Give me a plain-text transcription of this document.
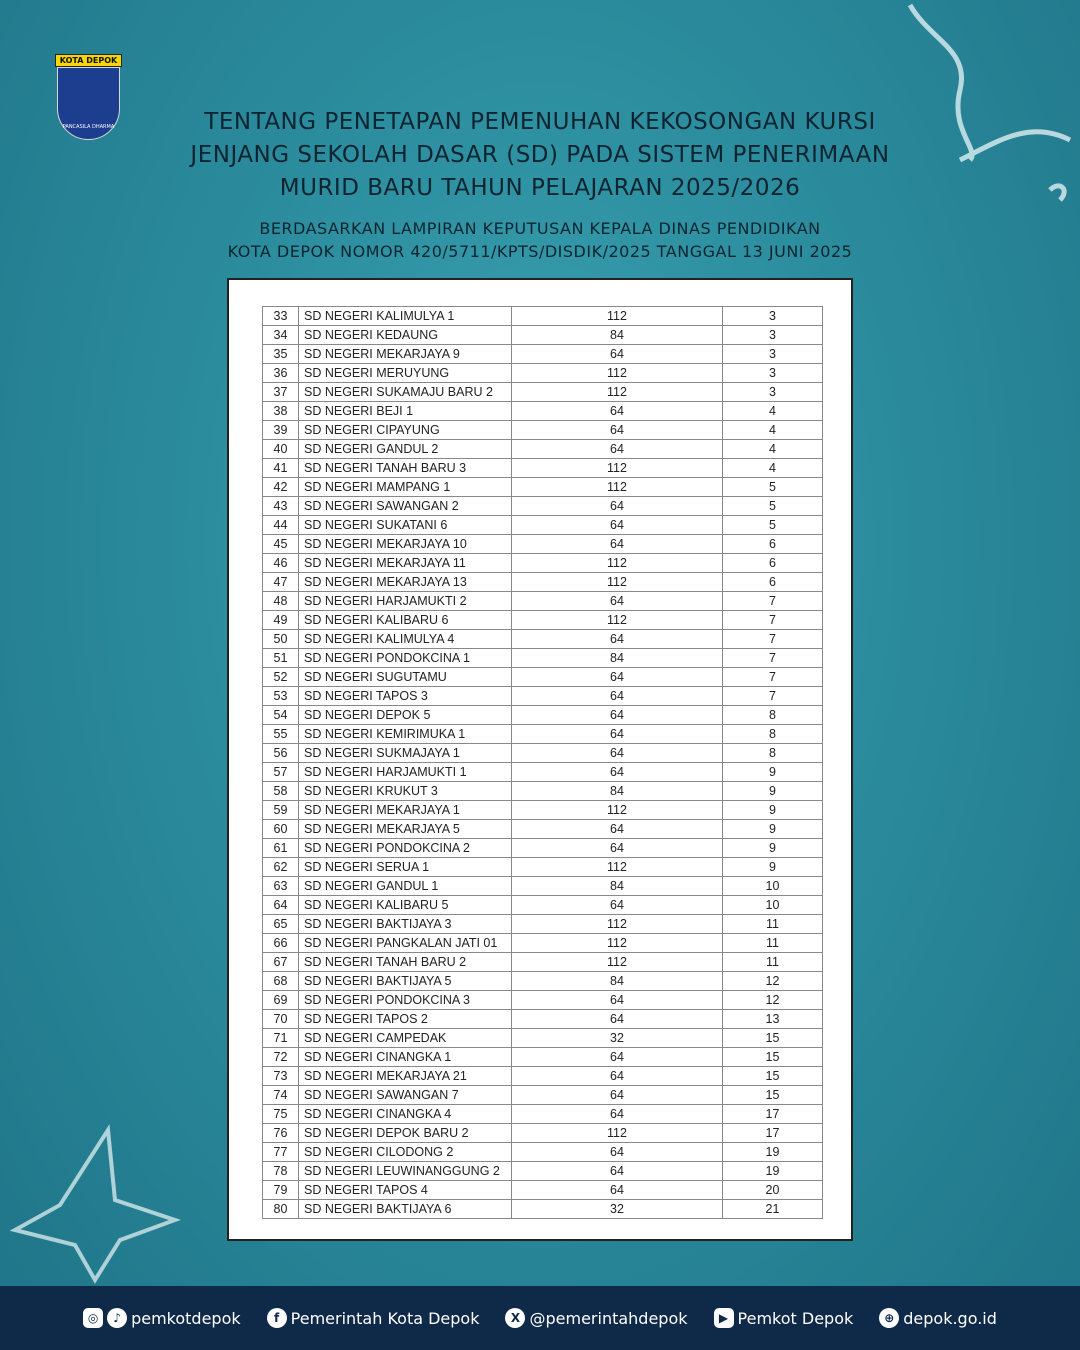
KOTA DEPOK
PANCASILA DHARMA	TENTANG PENETAPAN PEMENUHAN KEKOSONGAN KURSI
JENJANG SEKOLAH DASAR (SD) PADA SISTEM PENERIMAAN
MURID BARU TAHUN PELAJARAN 2025/2026
BERDASARKAN LAMPIRAN KEPUTUSAN KEPALA DINAS PENDIDIKAN
KOTA DEPOK NOMOR 420/5711/KPTS/DISDIK/2025 TANGGAL 13 JUNI 2025
33	SD NEGERI KALIMULYA 1	112	3
34	SD NEGERI KEDAUNG	84	3
35	SD NEGERI MEKARJAYA 9	64	3
36	SD NEGERI MERUYUNG	112	3
37	SD NEGERI SUKAMAJU BARU 2	112	3
38	SD NEGERI BEJI 1	64	4
39	SD NEGERI CIPAYUNG	64	4
40	SD NEGERI GANDUL 2	64	4
41	SD NEGERI TANAH BARU 3	112	4
42	SD NEGERI MAMPANG 1	112	5
43	SD NEGERI SAWANGAN 2	64	5
44	SD NEGERI SUKATANI 6	64	5
45	SD NEGERI MEKARJAYA 10	64	6
46	SD NEGERI MEKARJAYA 11	112	6
47	SD NEGERI MEKARJAYA 13	112	6
48	SD NEGERI HARJAMUKTI 2	64	7
49	SD NEGERI KALIBARU 6	112	7
50	SD NEGERI KALIMULYA 4	64	7
51	SD NEGERI PONDOKCINA 1	84	7
52	SD NEGERI SUGUTAMU	64	7
53	SD NEGERI TAPOS 3	64	7
54	SD NEGERI DEPOK 5	64	8
55	SD NEGERI KEMIRIMUKA 1	64	8
56	SD NEGERI SUKMAJAYA 1	64	8
57	SD NEGERI HARJAMUKTI 1	64	9
58	SD NEGERI KRUKUT 3	84	9
59	SD NEGERI MEKARJAYA 1	112	9
60	SD NEGERI MEKARJAYA 5	64	9
61	SD NEGERI PONDOKCINA 2	64	9
62	SD NEGERI SERUA 1	112	9
63	SD NEGERI GANDUL 1	84	10
64	SD NEGERI KALIBARU 5	64	10
65	SD NEGERI BAKTIJAYA 3	112	11
66	SD NEGERI PANGKALAN JATI 01	112	11
67	SD NEGERI TANAH BARU 2	112	11
68	SD NEGERI BAKTIJAYA 5	84	12
69	SD NEGERI PONDOKCINA 3	64	12
70	SD NEGERI TAPOS 2	64	13
71	SD NEGERI CAMPEDAK	32	15
72	SD NEGERI CINANGKA 1	64	15
73	SD NEGERI MEKARJAYA 21	64	15
74	SD NEGERI SAWANGAN 7	64	15
75	SD NEGERI CINANGKA 4	64	17
76	SD NEGERI DEPOK BARU 2	112	17
77	SD NEGERI CILODONG 2	64	19
78	SD NEGERI LEUWINANGGUNG 2	64	19
79	SD NEGERI TAPOS 4	64	20
80	SD NEGERI BAKTIJAYA 6	32	21
◎	♪ pemkotdepok	f Pemerintah Kota Depok	X @pemerintahdepok	▶ Pemkot Depok	⊕ depok.go.id
